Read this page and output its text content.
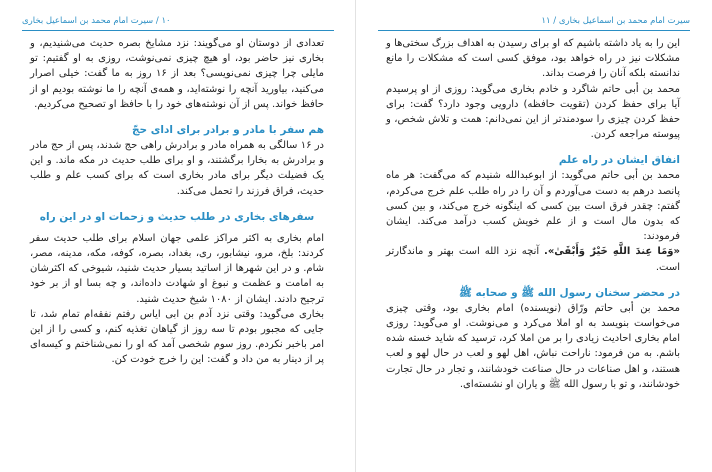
۱۰ / سیرت امام محمد بن اسماعیل بخاری

تعدادی از دوستان او می‌گویند: نزد مشایخ بصره حدیث می‌شنیدیم، و بخاری نیز حاضر بود، او هیچ چیزی نمی‌نوشت، روزی به او گفتیم: تو مایلی چرا چیزی نمی‌نویسی؟ بعد از ۱۶ روز به ما گفت: خیلی اصرار می‌کنید، بیاورید آنچه را نوشته‌اید، و همه‌ی آنچه را ما نوشته بودیم او از حافظ خواند. پس از آن نوشته‌های خود را با حافظ او تصحیح می‌کردیم.

هم سفر با مادر و برادر برای ادای حجّ

در ۱۶ سالگی به همراه مادر و برادرش راهی حج شدند، پس از حج مادر و برادرش به بخارا برگشتند، و او برای طلب حدیث در مکه ماند. و این یک فضیلت دیگر برای مادر بخاری است که برای کسب علم و طلب حدیث، فراق فرزند را تحمل می‌کند.

سفرهای بخاری در طلب حدیث و زحمات او در این راه

امام بخاری به اکثر مراکز علمی جهان اسلام برای طلب حدیث سفر کردند: بلخ، مرو، نیشابور، ری، بغداد، بصره، کوفه، مکه، مدینه، مصر، شام. و در این شهرها از اساتید بسیار حدیث شنید، شیوخی که اکثرشان به امامت و عظمت و نبوغ او شهادت داده‌اند، و چه بسا او از بر خود ترجیح دادند. ایشان از ۱۰۸۰ شیخ حدیث شنید.

بخاری می‌گوید: وقتی نزد آدم بن ابی ایاس رفتم نفقه‌ام تمام شد، تا جایی که مجبور بودم تا سه روز از گیاهان تغذیه کنم، و کسی را از این امر باخبر نکردم. روز سوم شخصی آمد که او را نمی‌شناختم و کیسه‌ای پر از دینار به من داد و گفت: این را خرج خودت کن.

سیرت امام محمد بن اسماعیل بخاری / ۱۱

این را به یاد داشته باشیم که او برای رسیدن به اهداف بزرگ سختی‌ها و مشکلات نیز در راه خواهد بود، موفق کسی است که مشکلات را مانع ندانسته بلکه آنان را فرصت بداند.

محمد بن أبی حاتم شاگرد و خادم بخاری می‌گوید: روزی از او پرسیدم آیا برای حفظ کردن (تقویت حافظه) دارویی وجود دارد؟ گفت: برای حفظ کردن چیزی را سودمندتر از این نمی‌دانم: همت و تلاش شخص، و پیوسته مراجعه کردن.

انفاق ایشان در راه علم

محمد بن أبی حاتم می‌گوید: از ابوعبدالله شنیدم که می‌گفت: هر ماه پانصد درهم به دست می‌آوردم و آن را در راه طلب علم خرج می‌کردم، گفتم: چقدر فرق است بین کسی که اینگونه خرج می‌کند، و بین کسی که بدون مال است و از علم خویش کسب درآمد می‌کند. ایشان فرمودند:

«وَمَا عِندَ اللَّهِ خَيْرٌ وَأَبْقَىٰ». آنچه نزد الله است بهتر و ماندگارتر است.

در محضر سخنان رسول الله ﷺ و صحابه ﷺ

محمد بن أبی حاتم ورّاق (نویسنده) امام بخاری بود، وقتی چیزی می‌خواست بنویسد به او املا می‌کرد و می‌نوشت. او می‌گوید: روزی امام بخاری احادیث زیادی را بر من املا کرد، ترسید که شاید خسته شده باشم. به من فرمود: ناراحت نباش، اهل لهو و لعب در حال لهو و لعب هستند، و اهل صناعات در حال صناعت خودشانند، و تجار در حال تجارت خودشانند، و تو با رسول الله ﷺ و یاران او نشسته‌ای.
